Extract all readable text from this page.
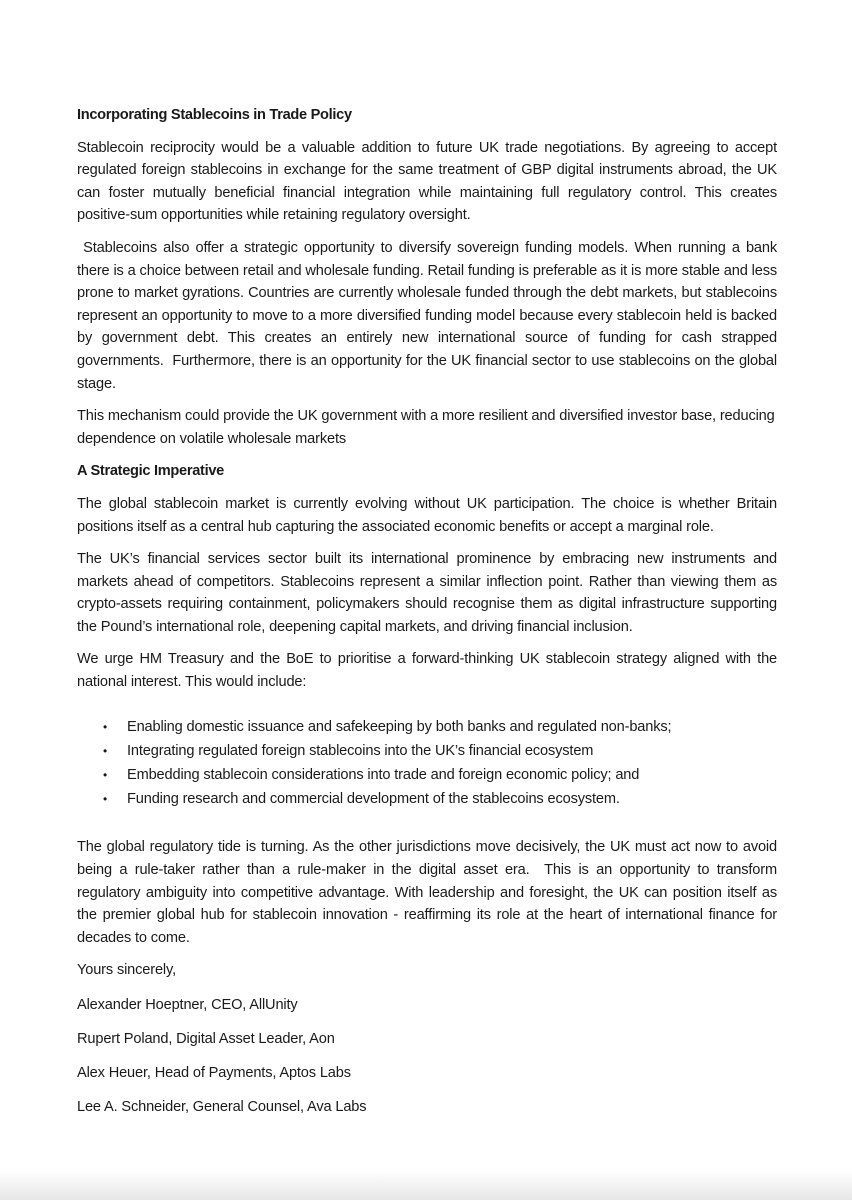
Incorporating Stablecoins in Trade Policy

Stablecoin reciprocity would be a valuable addition to future UK trade negotiations. By agreeing to accept regulated foreign stablecoins in exchange for the same treatment of GBP digital instruments abroad, the UK can foster mutually beneficial financial integration while maintaining full regulatory control. This creates positive-sum opportunities while retaining regulatory oversight.

Stablecoins also offer a strategic opportunity to diversify sovereign funding models. When running a bank there is a choice between retail and wholesale funding. Retail funding is preferable as it is more stable and less prone to market gyrations. Countries are currently wholesale funded through the debt markets, but stablecoins represent an opportunity to move to a more diversified funding model because every stablecoin held is backed by government debt. This creates an entirely new international source of funding for cash strapped governments.  Furthermore, there is an opportunity for the UK financial sector to use stablecoins on the global stage.

This mechanism could provide the UK government with a more resilient and diversified investor base, reducing dependence on volatile wholesale markets

A Strategic Imperative

The global stablecoin market is currently evolving without UK participation. The choice is whether Britain positions itself as a central hub capturing the associated economic benefits or accept a marginal role.

The UK’s financial services sector built its international prominence by embracing new instruments and markets ahead of competitors. Stablecoins represent a similar inflection point. Rather than viewing them as crypto-assets requiring containment, policymakers should recognise them as digital infrastructure supporting the Pound’s international role, deepening capital markets, and driving financial inclusion.

We urge HM Treasury and the BoE to prioritise a forward-thinking UK stablecoin strategy aligned with the national interest. This would include:

• Enabling domestic issuance and safekeeping by both banks and regulated non-banks;
• Integrating regulated foreign stablecoins into the UK’s financial ecosystem
• Embedding stablecoin considerations into trade and foreign economic policy; and
• Funding research and commercial development of the stablecoins ecosystem.

The global regulatory tide is turning. As the other jurisdictions move decisively, the UK must act now to avoid being a rule-taker rather than a rule-maker in the digital asset era.  This is an opportunity to transform regulatory ambiguity into competitive advantage. With leadership and foresight, the UK can position itself as the premier global hub for stablecoin innovation - reaffirming its role at the heart of international finance for decades to come.

Yours sincerely,

Alexander Hoeptner, CEO, AllUnity

Rupert Poland, Digital Asset Leader, Aon

Alex Heuer, Head of Payments, Aptos Labs

Lee A. Schneider, General Counsel, Ava Labs
